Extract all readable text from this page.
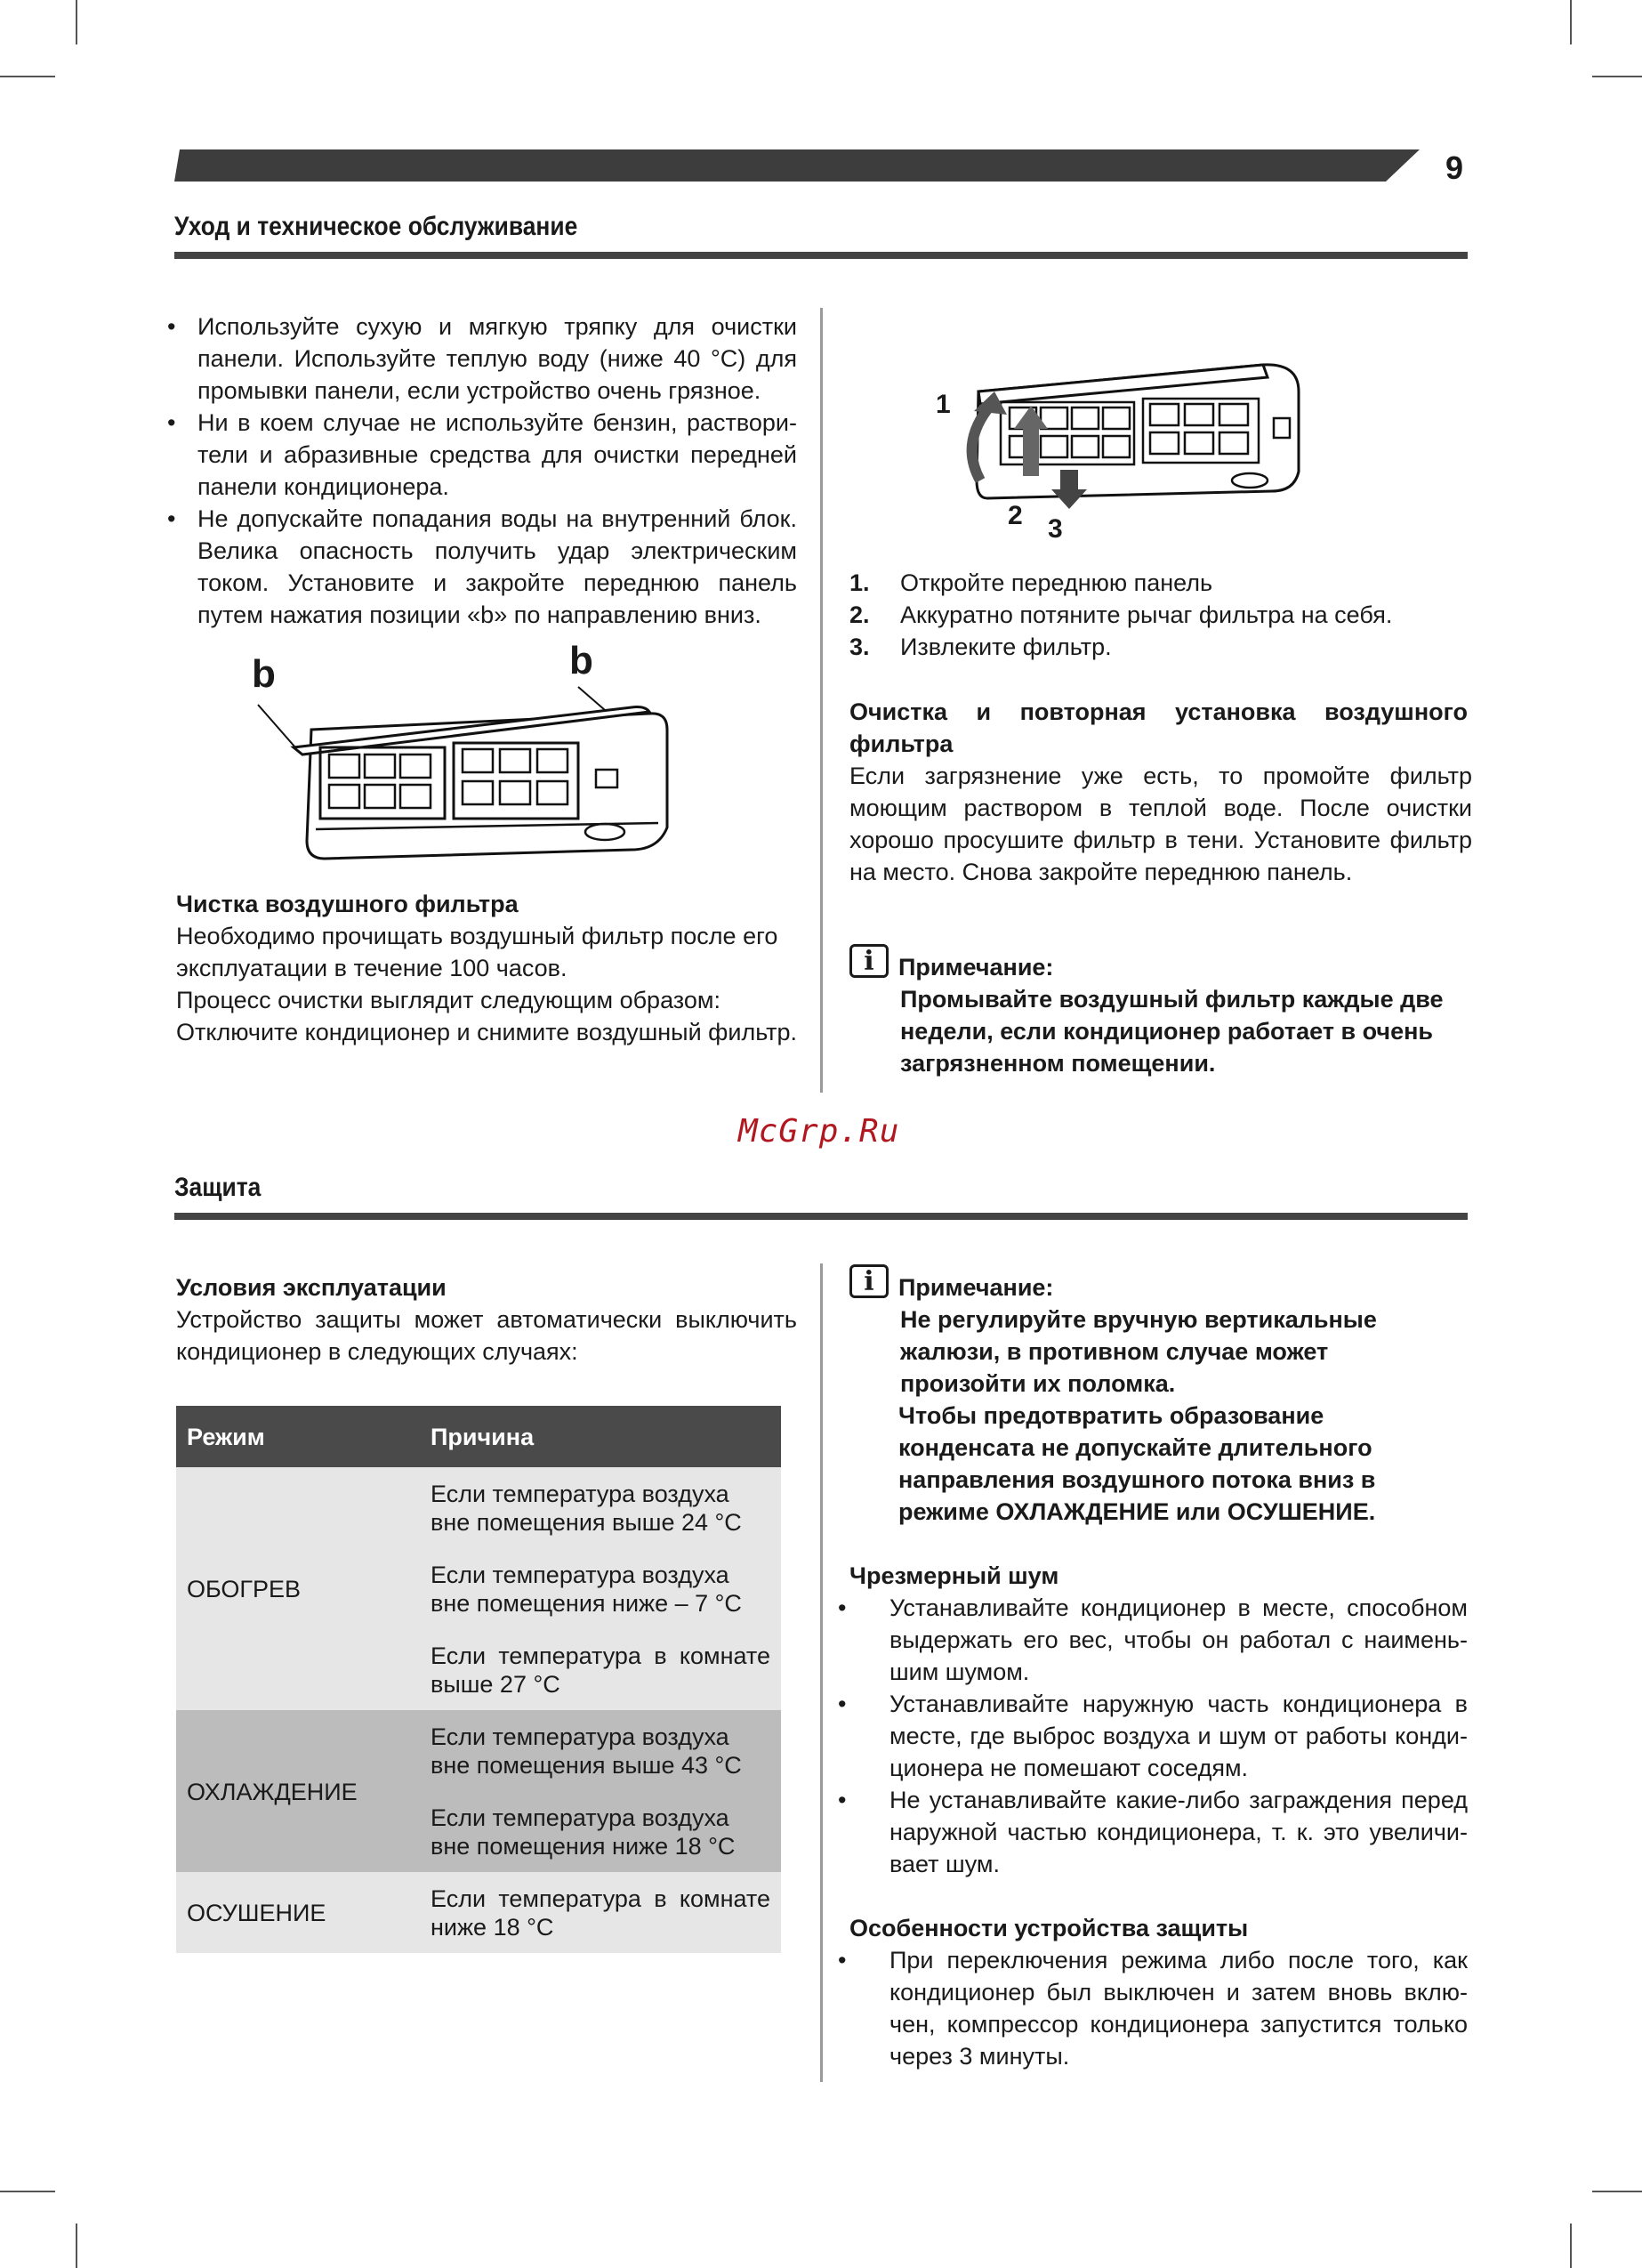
9
Уход и техническое обслуживание
• Используйте сухую и мягкую тряпку для очистки панели. Используйте теплую воду (ниже 40 °С) для промывки панели, если устройство очень грязное.
• Ни в коем случае не используйте бензин, растворители и абразивные средства для очистки передней панели кондиционера.
• Не допускайте попадания воды на внутренний блок. Велика опасность получить удар электрическим током. Установите и закройте переднюю панель путем нажатия позиции «b» по направлению вниз.
b	b
Чистка воздушного фильтра
Необходимо прочищать воздушный фильтр после его эксплуатации в течение 100 часов.
Процесс очистки выглядит следующим образом:
Отключите кондиционер и снимите воздушный фильтр.
1
2 3
1.	Откройте переднюю панель
2.	Аккуратно потяните рычаг фильтра на себя.
3.	Извлеките фильтр.
Очистка и повторная установка воздушного фильтра
Если загрязнение уже есть, то промойте фильтр моющим раствором в теплой воде. После очистки хорошо просушите фильтр в тени. Установите фильтр на место. Снова закройте переднюю панель.
i	Примечание:
Промывайте воздушный фильтр каждые две недели, если кондиционер работает в очень загрязненном помещении.
McGrp.Ru
Защита
Условия эксплуатации
Устройство защиты может автоматически выключить кондиционер в следующих случаях:
Режим	Причина
ОБОГРЕВ	Если температура воздуха вне помещения выше 24 °С
	Если температура воздуха вне помещения ниже – 7 °С
	Если температура в комнате выше 27 °С
ОХЛАЖДЕНИЕ	Если температура воздуха вне помещения выше 43 °С
	Если температура воздуха вне помещения ниже 18 °С
ОСУШЕНИЕ	Если температура в комнате ниже 18 °С
i	Примечание:
Не регулируйте вручную вертикальные жалюзи, в противном случае может произойти их поломка.
Чтобы предотвратить образование конденсата не допускайте длительного направления воздушного потока вниз в режиме ОХЛАЖДЕНИЕ или ОСУШЕНИЕ.
Чрезмерный шум
• Устанавливайте кондиционер в месте, способном выдержать его вес, чтобы он работал с наименьшим шумом.
• Устанавливайте наружную часть кондиционера в месте, где выброс воздуха и шум от работы кондиционера не помешают соседям.
• Не устанавливайте какие-либо заграждения перед наружной частью кондиционера, т. к. это увеличивает шум.
Особенности устройства защиты
• При переключения режима либо после того, как кондиционер был выключен и затем вновь включен, компрессор кондиционера запустится только через 3 минуты.
